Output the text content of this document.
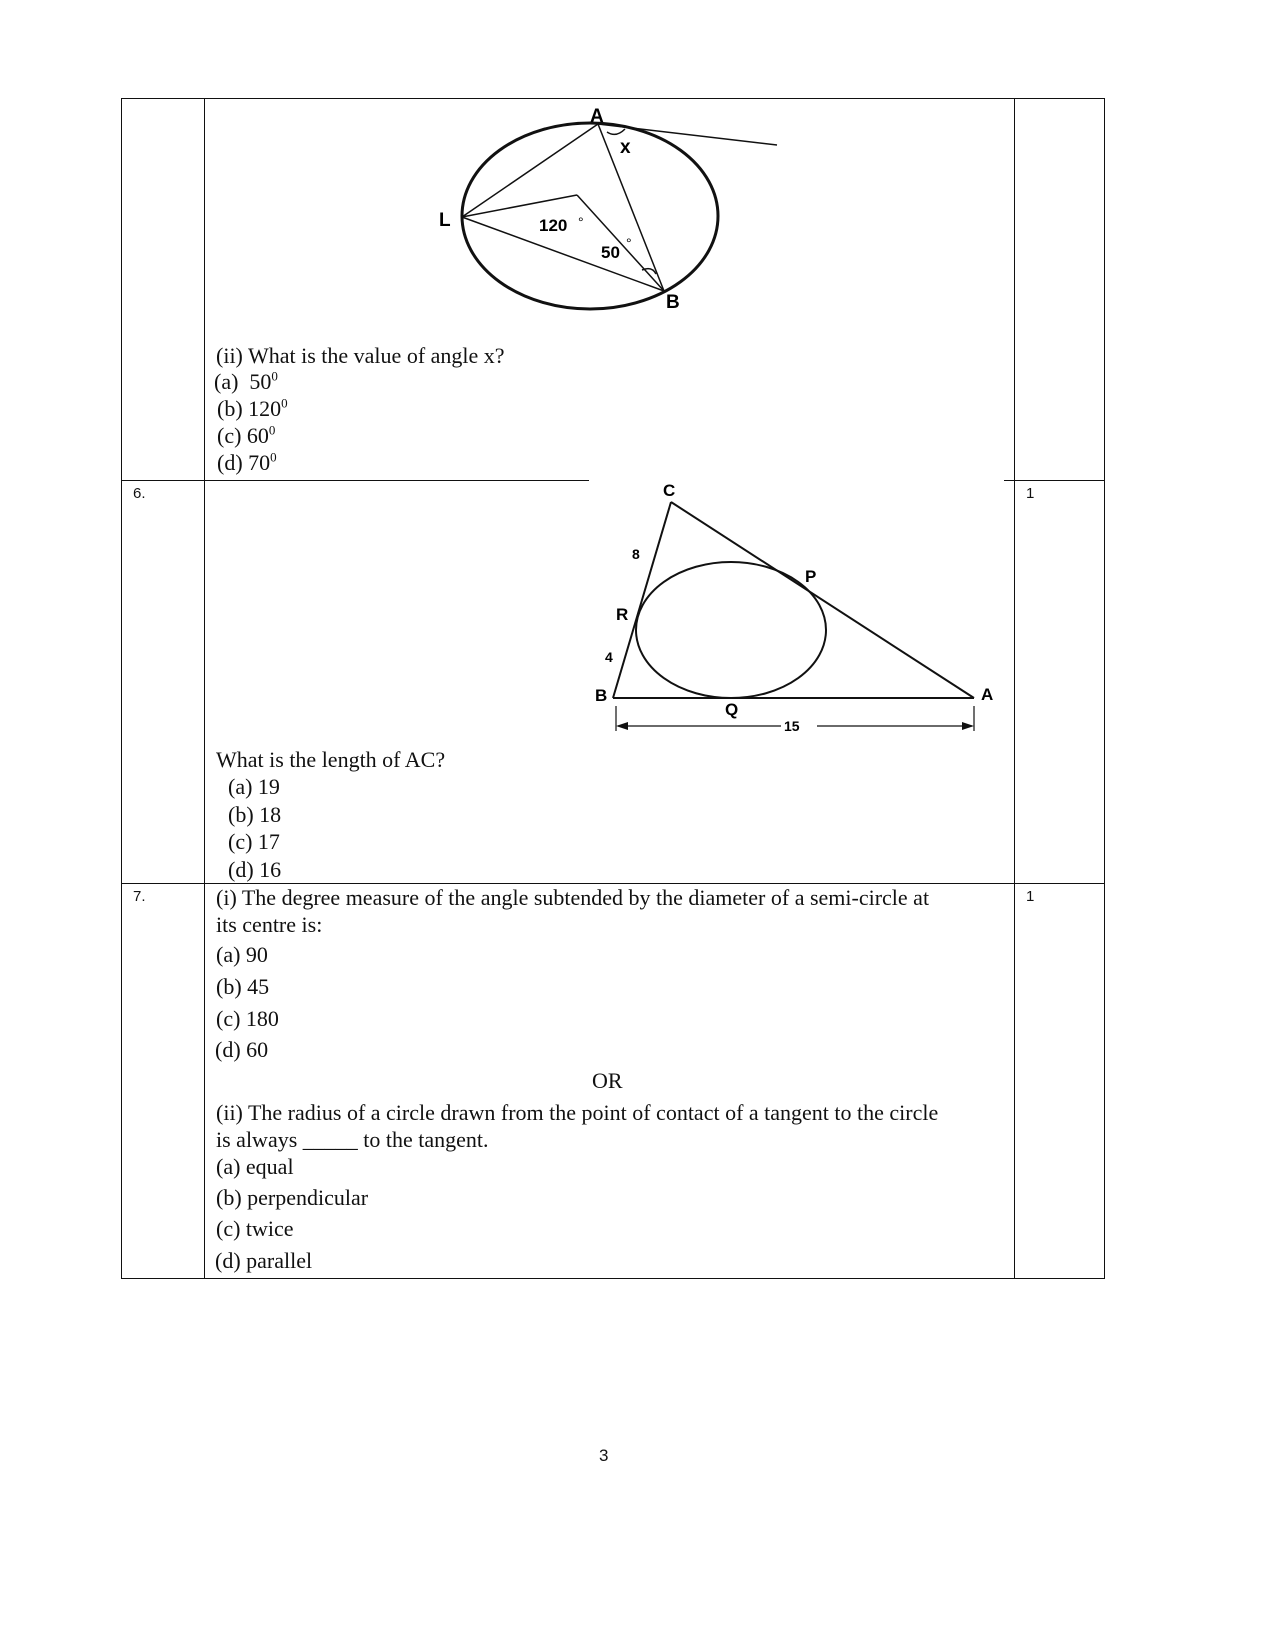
A
x
L
B
120 °
50 °
(ii) What is the value of angle x?
(a) $50^0$
(b) $120^0$
(c) $60^0$
(d) $70^0$
6.	1
C
P
R
B
Q
A
8
4
15
What is the length of AC?
(a) 19
(b) 18
(c) 17
(d) 16
7.	1
(i) The degree measure of the angle subtended by the diameter of a semi-circle at
its centre is:
(a) 90
(b) 45
(c) 180
(d) 60
OR
(ii) The radius of a circle drawn from the point of contact of a tangent to the circle
is always _____ to the tangent.
(a) equal
(b) perpendicular
(c) twice
(d) parallel
3
